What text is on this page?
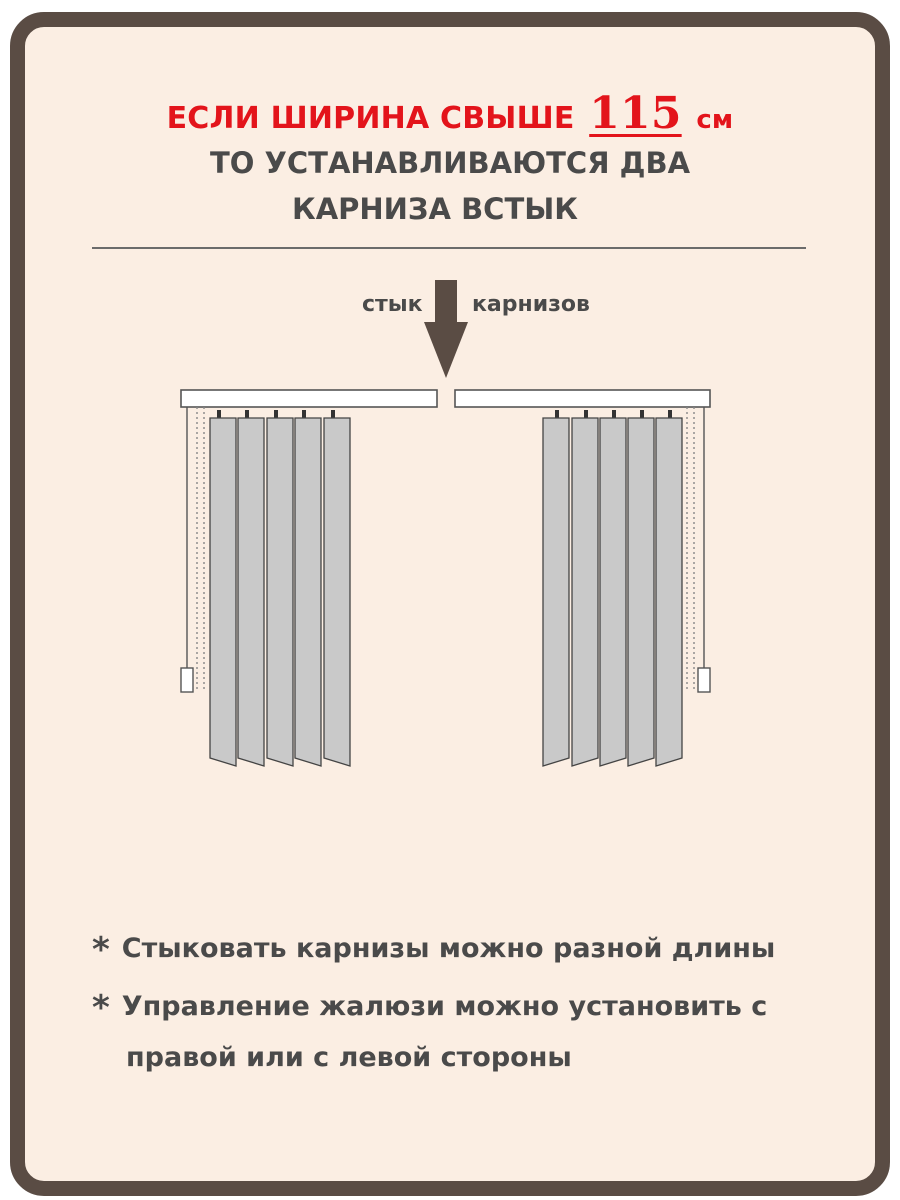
ЕСЛИ ШИРИНА СВЫШЕ 115 см
ТО УСТАНАВЛИВАЮТСЯ ДВА
КАРНИЗА ВСТЫК
стык карнизов
* Стыковать карнизы можно разной длины
* Управление жалюзи можно установить с
правой или с левой стороны
